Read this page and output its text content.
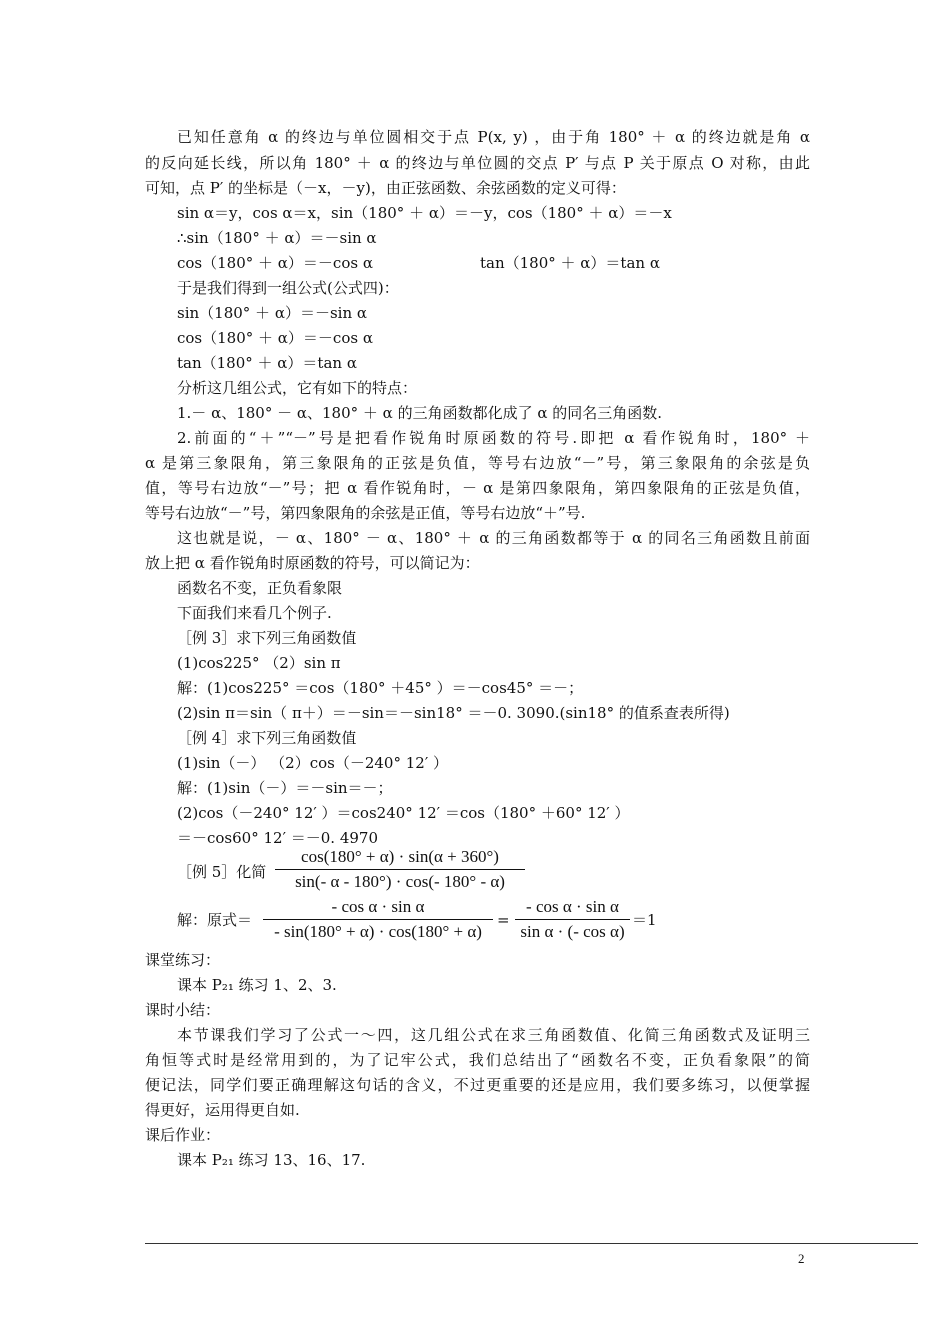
已知任意角 α 的终边与单位圆相交于点 P(x, y) ，由于角 180° ＋ α 的终边就是角 α
的反向延长线，所以角 180° ＋ α 的终边与单位圆的交点 P′ 与点 P 关于原点 O 对称，由此
可知，点 P′ 的坐标是（－x，－y)，由正弦函数、余弦函数的定义可得：
sin α＝y，cos α＝x，sin（180° ＋ α）＝－y，cos（180° ＋ α）＝－x
∴sin（180° ＋ α）＝－sin α
cos（180° ＋ α）＝－cos α	tan（180° ＋ α）＝tan α
于是我们得到一组公式(公式四)：
sin（180° ＋ α）＝－sin α
cos（180° ＋ α）＝－cos α
tan（180° ＋ α）＝tan α
分析这几组公式，它有如下的特点：
1.－ α、180° － α、180° ＋ α 的三角函数都化成了 α 的同名三角函数.
2.前面的“＋”“－”号是把看作锐角时原函数的符号.即把 α 看作锐角时，180° ＋
α 是第三象限角，第三象限角的正弦是负值，等号右边放“－”号，第三象限角的余弦是负
值，等号右边放“－”号；把 α 看作锐角时，－ α 是第四象限角，第四象限角的正弦是负值，
等号右边放“－”号，第四象限角的余弦是正值，等号右边放“＋”号.
这也就是说，－ α、180° － α、180° ＋ α 的三角函数都等于 α 的同名三角函数且前面
放上把 α 看作锐角时原函数的符号，可以简记为：
函数名不变，正负看象限
下面我们来看几个例子.
［例 3］求下列三角函数值
(1)cos225° （2）sin π
解：(1)cos225° ＝cos（180° ＋45° ）＝－cos45° ＝－；
(2)sin π＝sin（ π＋）＝－sin＝－sin18° ＝－0. 3090.(sin18° 的值系查表所得)
［例 4］求下列三角函数值
(1)sin（－） （2）cos（－240° 12′ ）
解：(1)sin（－）＝－sin＝－；
(2)cos（－240° 12′ ）＝cos240° 12′ ＝cos（180° ＋60° 12′ ）
＝－cos60° 12′ ＝－0. 4970
［例 5］化简
cos(180° + α) · sin(α + 360°)
sin(- α - 180°) · cos(- 180° - α)
解：原式＝
- cos α · sin α
- sin(180° + α) · cos(180° + α)
=
- cos α · sin α
sin α · (- cos α)
＝1
课堂练习：
课本 P₂₁ 练习 1、2、3.
课时小结：
本节课我们学习了公式一～四，这几组公式在求三角函数值、化简三角函数式及证明三
角恒等式时是经常用到的，为了记牢公式，我们总结出了“函数名不变，正负看象限”的简
便记法，同学们要正确理解这句话的含义，不过更重要的还是应用，我们要多练习，以便掌握
得更好，运用得更自如.
课后作业：
课本 P₂₁ 练习 13、16、17.
2
